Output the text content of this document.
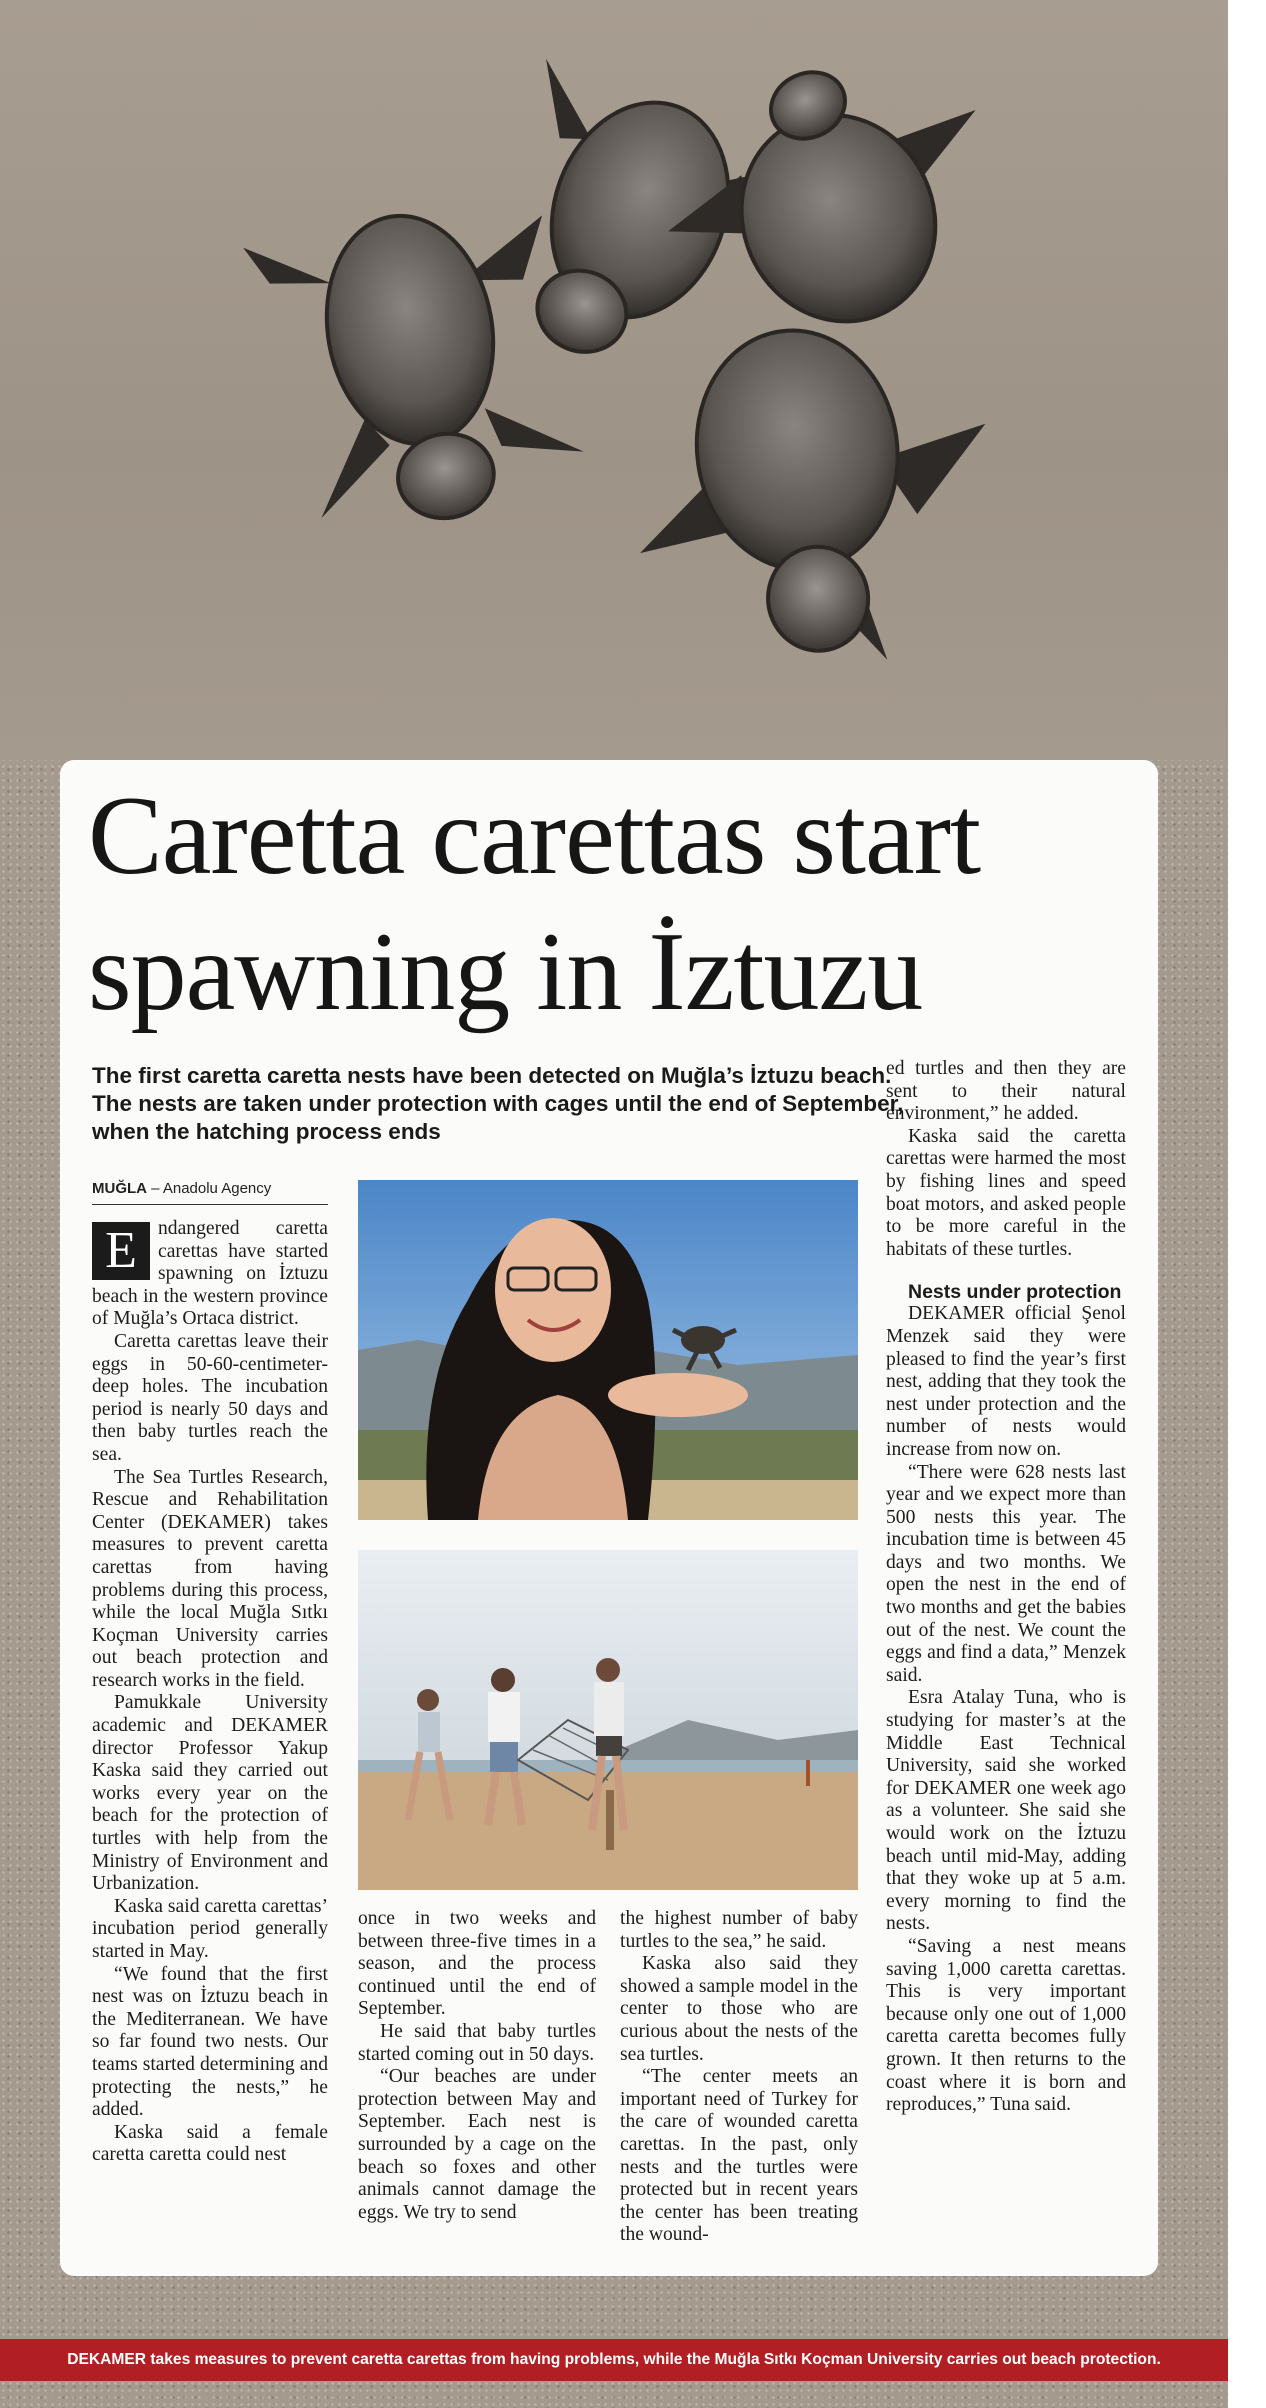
Caretta carettas start
spawning in İztuzu
The first caretta caretta nests have been detected on Muğla’s İztuzu beach. The nests are taken under protection with cages until the end of September, when the hatching process ends
MUĞLA – Anadolu Agency

E	ndangered caretta carettas have started spawning on İztuzu beach in the western province of Muğla’s Ortaca district.

Caretta carettas leave their eggs in 50-60-centimeter-deep holes. The incubation period is nearly 50 days and then baby turtles reach the sea.

The Sea Turtles Research, Rescue and Rehabilitation Center (DEKAMER) takes measures to prevent caretta carettas from having problems during this process, while the local Muğla Sıtkı Koçman University carries out beach protection and research works in the field.

Pamukkale University academic and DEKAMER director Professor Yakup Kaska said they carried out works every year on the beach for the protection of turtles with help from the Ministry of Environment and Urbanization.

Kaska said caretta carettas’ incubation period generally started in May.

“We found that the first nest was on İztuzu beach in the Mediterranean. We have so far found two nests. Our teams started determining and protecting the nests,” he added.

Kaska said a female caretta caretta could nest

once in two weeks and between three-five times in a season, and the process continued until the end of September.

He said that baby turtles started coming out in 50 days.

“Our beaches are under protection between May and September. Each nest is surrounded by a cage on the beach so foxes and other animals cannot damage the eggs. We try to send

the highest number of baby turtles to the sea,” he said.

Kaska also said they showed a sample model in the center to those who are curious about the nests of the sea turtles.

“The center meets an important need of Turkey for the care of wounded caretta carettas. In the past, only nests and the turtles were protected but in recent years the center has been treating the wound-

ed turtles and then they are sent to their natural environment,” he added.

Kaska said the caretta carettas were harmed the most by fishing lines and speed boat motors, and asked people to be more careful in the habitats of these turtles.

Nests under protection

DEKAMER official Şenol Menzek said they were pleased to find the year’s first nest, adding that they took the nest under protection and the number of nests would increase from now on.

“There were 628 nests last year and we expect more than 500 nests this year. The incubation time is between 45 days and two months. We open the nest in the end of two months and get the babies out of the nest. We count the eggs and find a data,” Menzek said.

Esra Atalay Tuna, who is studying for master’s at the Middle East Technical University, said she worked for DEKAMER one week ago as a volunteer. She said she would work on the İztuzu beach until mid-May, adding that they woke up at 5 a.m. every morning to find the nests.

“Saving a nest means saving 1,000 caretta carettas. This is very important because only one out of 1,000 caretta caretta becomes fully grown. It then returns to the coast where it is born and reproduces,” Tuna said.

DEKAMER takes measures to prevent caretta carettas from having problems, while the Muğla Sıtkı Koçman University carries out beach protection.
